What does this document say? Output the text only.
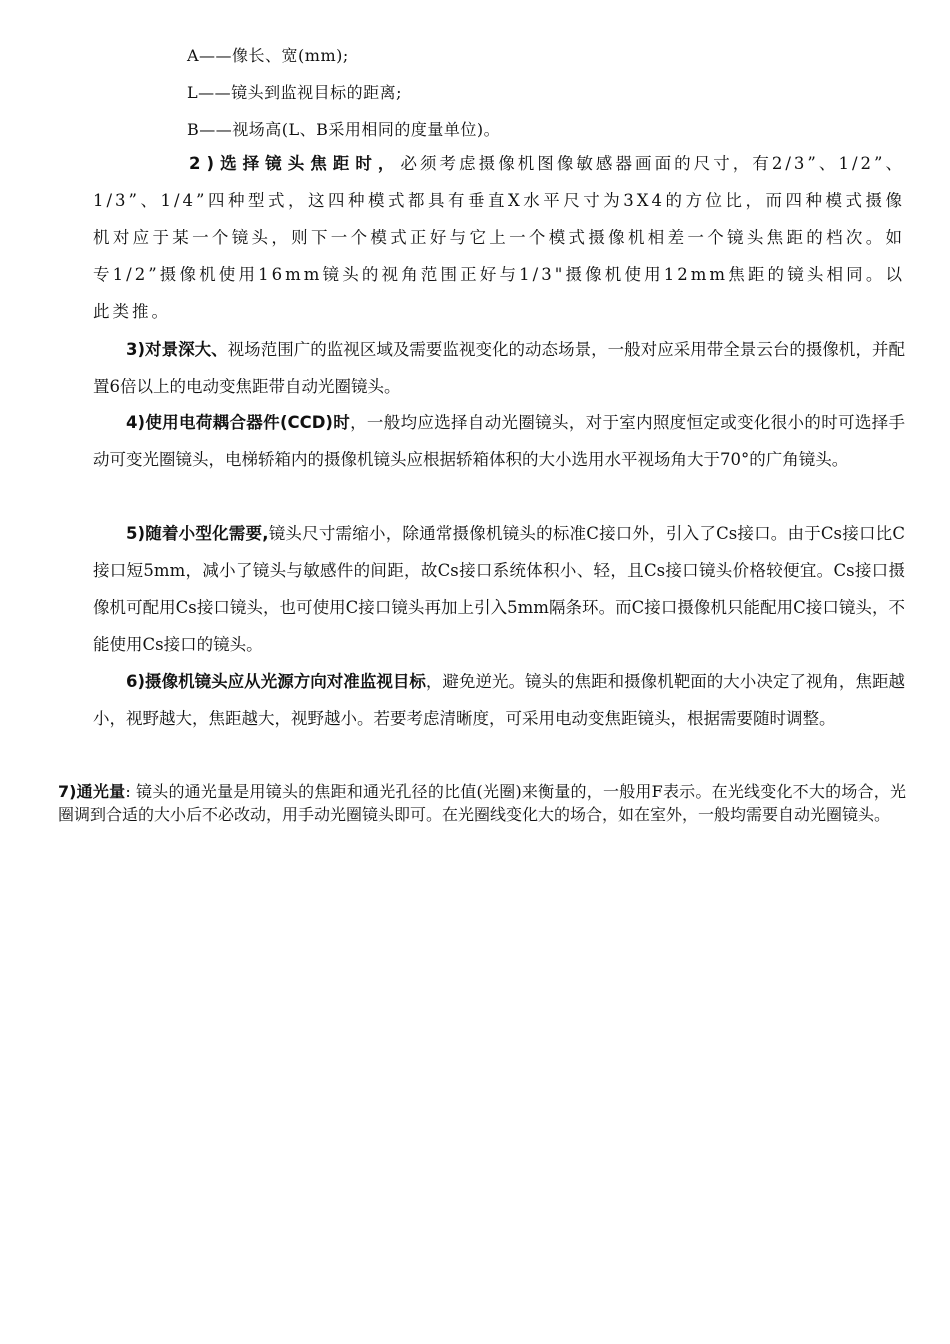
A——像长、宽(mm);
L——镜头到监视目标的距离;
B——视场高(L、B采用相同的度量单位)。

2)选择镜头焦距时，必须考虑摄像机图像敏感器画面的尺寸，有2/3”、1/2”、1/3”、1/4”四种型式，这四种模式都具有垂直X水平尺寸为3X4的方位比，而四种模式摄像机对应于某一个镜头，则下一个模式正好与它上一个模式摄像机相差一个镜头焦距的档次。如专1/2”摄像机使用16mm镜头的视角范围正好与1/3"摄像机使用12mm焦距的镜头相同。以此类推。

3)对景深大、视场范围广的监视区域及需要监视变化的动态场景，一般对应采用带全景云台的摄像机，并配置6倍以上的电动变焦距带自动光圈镜头。

4)使用电荷耦合器件(CCD)时，一般均应选择自动光圈镜头，对于室内照度恒定或变化很小的时可选择手动可变光圈镜头，电梯轿箱内的摄像机镜头应根据轿箱体积的大小选用水平视场角大于70°的广角镜头。

5)随着小型化需要,镜头尺寸需缩小，除通常摄像机镜头的标准C接口外，引入了Cs接口。由于Cs接口比C接口短5mm，减小了镜头与敏感件的间距，故Cs接口系统体积小、轻，且Cs接口镜头价格较便宜。Cs接口摄像机可配用Cs接口镜头，也可使用C接口镜头再加上引入5mm隔条环。而C接口摄像机只能配用C接口镜头，不能使用Cs接口的镜头。

6)摄像机镜头应从光源方向对准监视目标，避免逆光。镜头的焦距和摄像机靶面的大小决定了视角，焦距越小，视野越大，焦距越大，视野越小。若要考虑清晰度，可采用电动变焦距镜头，根据需要随时调整。

7)通光量: 镜头的通光量是用镜头的焦距和通光孔径的比值(光圈)来衡量的，一般用F表示。在光线变化不大的场合，光圈调到合适的大小后不必改动，用手动光圈镜头即可。在光圈线变化大的场合，如在室外，一般均需要自动光圈镜头。
